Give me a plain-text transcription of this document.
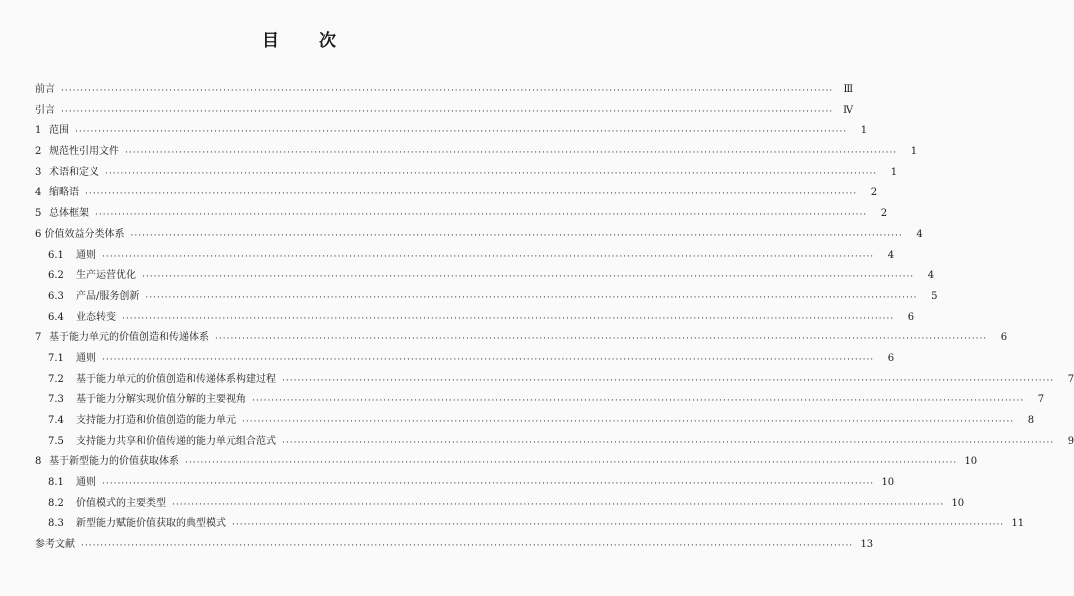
目 次
前言 ········································································································································································································	Ⅲ
引言 ········································································································································································································	Ⅳ
1 范围 ········································································································································································································	1
2 规范性引用文件 ········································································································································································································	1
3 术语和定义 ········································································································································································································	1
4 缩略语 ········································································································································································································	2
5 总体框架 ········································································································································································································	2
6 价值效益分类体系 ········································································································································································································	4
6.1	通则 ········································································································································································································	4
6.2	生产运营优化 ········································································································································································································	4
6.3	产品/服务创新 ········································································································································································································	5
6.4	业态转变 ········································································································································································································	6
7 基于能力单元的价值创造和传递体系 ········································································································································································································	6
7.1	通则 ········································································································································································································	6
7.2	基于能力单元的价值创造和传递体系构建过程 ········································································································································································································	7
7.3	基于能力分解实现价值分解的主要视角 ········································································································································································································	7
7.4	支持能力打造和价值创造的能力单元 ········································································································································································································	8
7.5	支持能力共享和价值传递的能力单元组合范式 ········································································································································································································	9
8 基于新型能力的价值获取体系 ········································································································································································································ 10
8.1	通则 ········································································································································································································ 10
8.2	价值模式的主要类型 ········································································································································································································ 10
8.3	新型能力赋能价值获取的典型模式 ········································································································································································································ 11
参考文献 ········································································································································································································ 13
